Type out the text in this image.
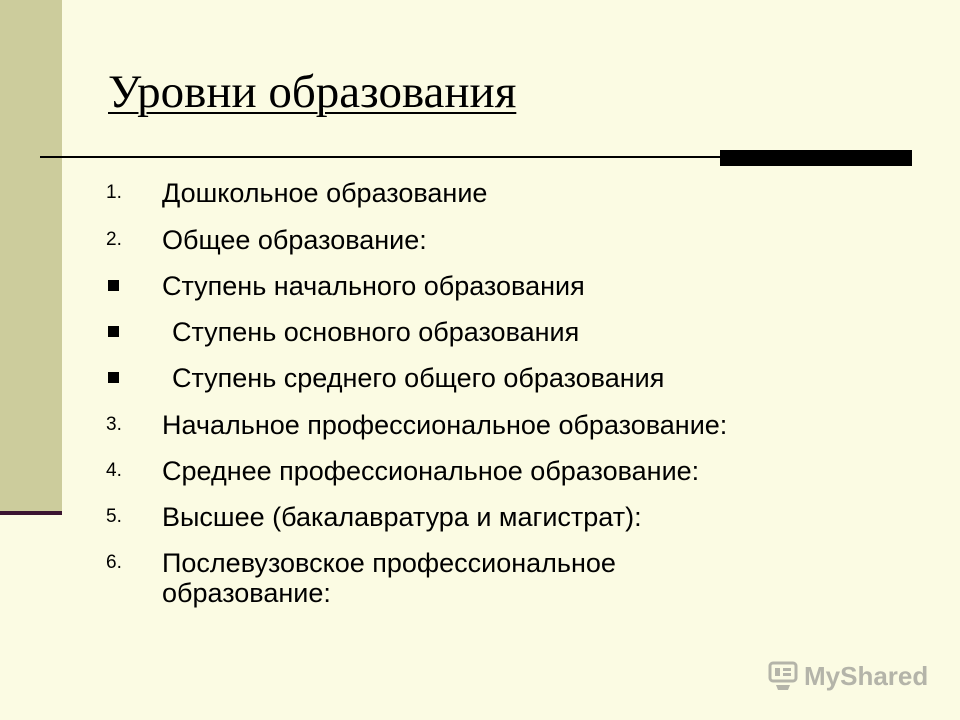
Уровни образования
1. Дошкольное образование
2. Общее образование:
Ступень начального образования
Ступень основного образования
Ступень среднего общего образования
3. Начальное профессиональное образование:
4. Среднее профессиональное образование:
5. Высшее (бакалавратура и магистрат):
6. Послевузовское профессиональное образование:
MyShared
